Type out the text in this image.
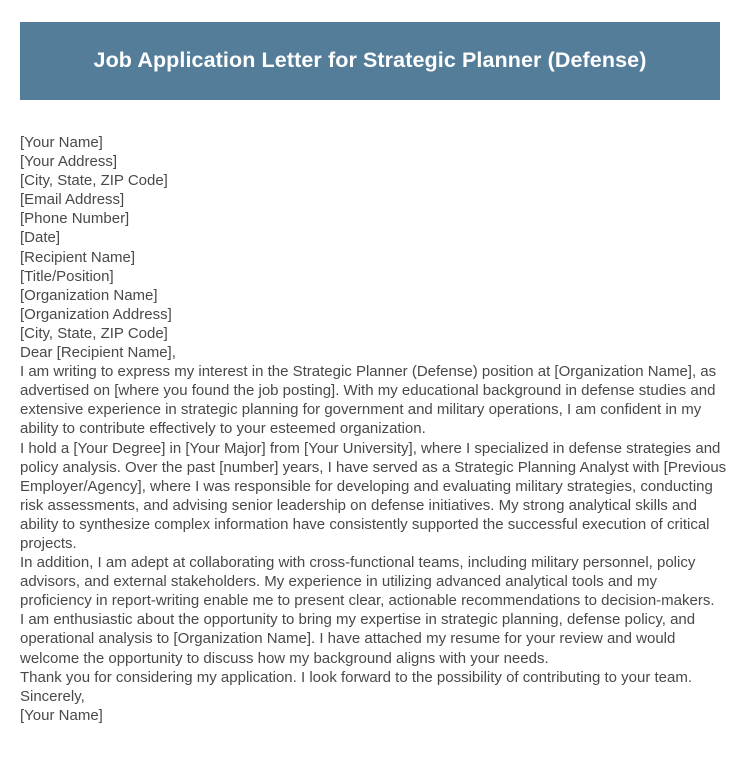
Job Application Letter for Strategic Planner (Defense)
[Your Name]
[Your Address]
[City, State, ZIP Code]
[Email Address]
[Phone Number]
[Date]
[Recipient Name]
[Title/Position]
[Organization Name]
[Organization Address]
[City, State, ZIP Code]
Dear [Recipient Name],

I am writing to express my interest in the Strategic Planner (Defense) position at [Organization Name], as advertised on [where you found the job posting]. With my educational background in defense studies and extensive experience in strategic planning for government and military operations, I am confident in my ability to contribute effectively to your esteemed organization.

I hold a [Your Degree] in [Your Major] from [Your University], where I specialized in defense strategies and policy analysis. Over the past [number] years, I have served as a Strategic Planning Analyst with [Previous Employer/Agency], where I was responsible for developing and evaluating military strategies, conducting risk assessments, and advising senior leadership on defense initiatives. My strong analytical skills and ability to synthesize complex information have consistently supported the successful execution of critical projects.

In addition, I am adept at collaborating with cross-functional teams, including military personnel, policy advisors, and external stakeholders. My experience in utilizing advanced analytical tools and my proficiency in report-writing enable me to present clear, actionable recommendations to decision-makers.

I am enthusiastic about the opportunity to bring my expertise in strategic planning, defense policy, and operational analysis to [Organization Name]. I have attached my resume for your review and would welcome the opportunity to discuss how my background aligns with your needs.

Thank you for considering my application. I look forward to the possibility of contributing to your team.

Sincerely,
[Your Name]
